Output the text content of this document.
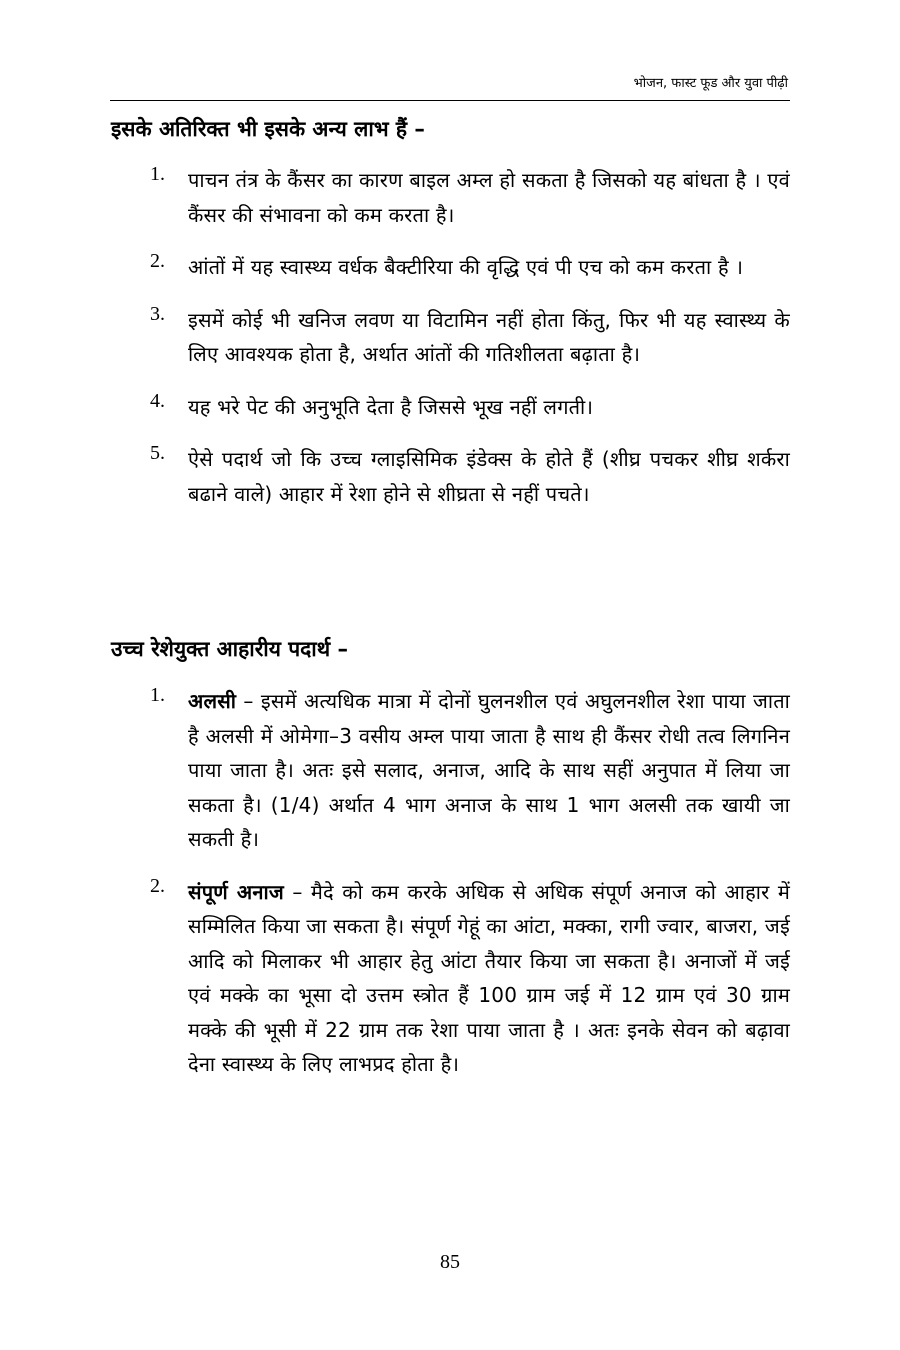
भोजन, फास्ट फूड और युवा पीढ़ी
इसके अतिरिक्त भी इसके अन्य लाभ हैं –
1. पाचन तंत्र के कैंसर का कारण बाइल अम्ल हो सकता है जिसको यह बांधता है । एवं कैंसर की संभावना को कम करता है।
2. आंतों में यह स्वास्थ्य वर्धक बैक्टीरिया की वृद्धि एवं पी एच को कम करता है ।
3. इसमें कोई भी खनिज लवण या विटामिन नहीं होता किंतु, फिर भी यह स्वास्थ्य के लिए आवश्यक होता है, अर्थात आंतों की गतिशीलता बढ़ाता है।
4. यह भरे पेट की अनुभूति देता है जिससे भूख नहीं लगती।
5. ऐसे पदार्थ जो कि उच्च ग्लाइसिमिक इंडेक्स के होते हैं (शीघ्र पचकर शीघ्र शर्करा बढाने वाले) आहार में रेशा होने से शीघ्रता से नहीं पचते।
उच्च रेशेयुक्त आहारीय पदार्थ –
1. अलसी – इसमें अत्यधिक मात्रा में दोनों घुलनशील एवं अघुलनशील रेशा पाया जाता है अलसी में ओमेगा–3 वसीय अम्ल पाया जाता है साथ ही कैंसर रोधी तत्व लिगनिन पाया जाता है। अतः इसे सलाद, अनाज, आदि के साथ सहीं अनुपात में लिया जा सकता है। (1/4) अर्थात 4 भाग अनाज के साथ 1 भाग अलसी तक खायी जा सकती है।
2. संपूर्ण अनाज – मैदे को कम करके अधिक से अधिक संपूर्ण अनाज को आहार में सम्मिलित किया जा सकता है। संपूर्ण गेहूं का आंटा, मक्का, रागी ज्वार, बाजरा, जई आदि को मिलाकर भी आहार हेतु आंटा तैयार किया जा सकता है। अनाजों में जई एवं मक्के का भूसा दो उत्तम स्त्रोत हैं 100 ग्राम जई में 12 ग्राम एवं 30 ग्राम मक्के की भूसी में 22 ग्राम तक रेशा पाया जाता है । अतः इनके सेवन को बढ़ावा देना स्वास्थ्य के लिए लाभप्रद होता है।
85
